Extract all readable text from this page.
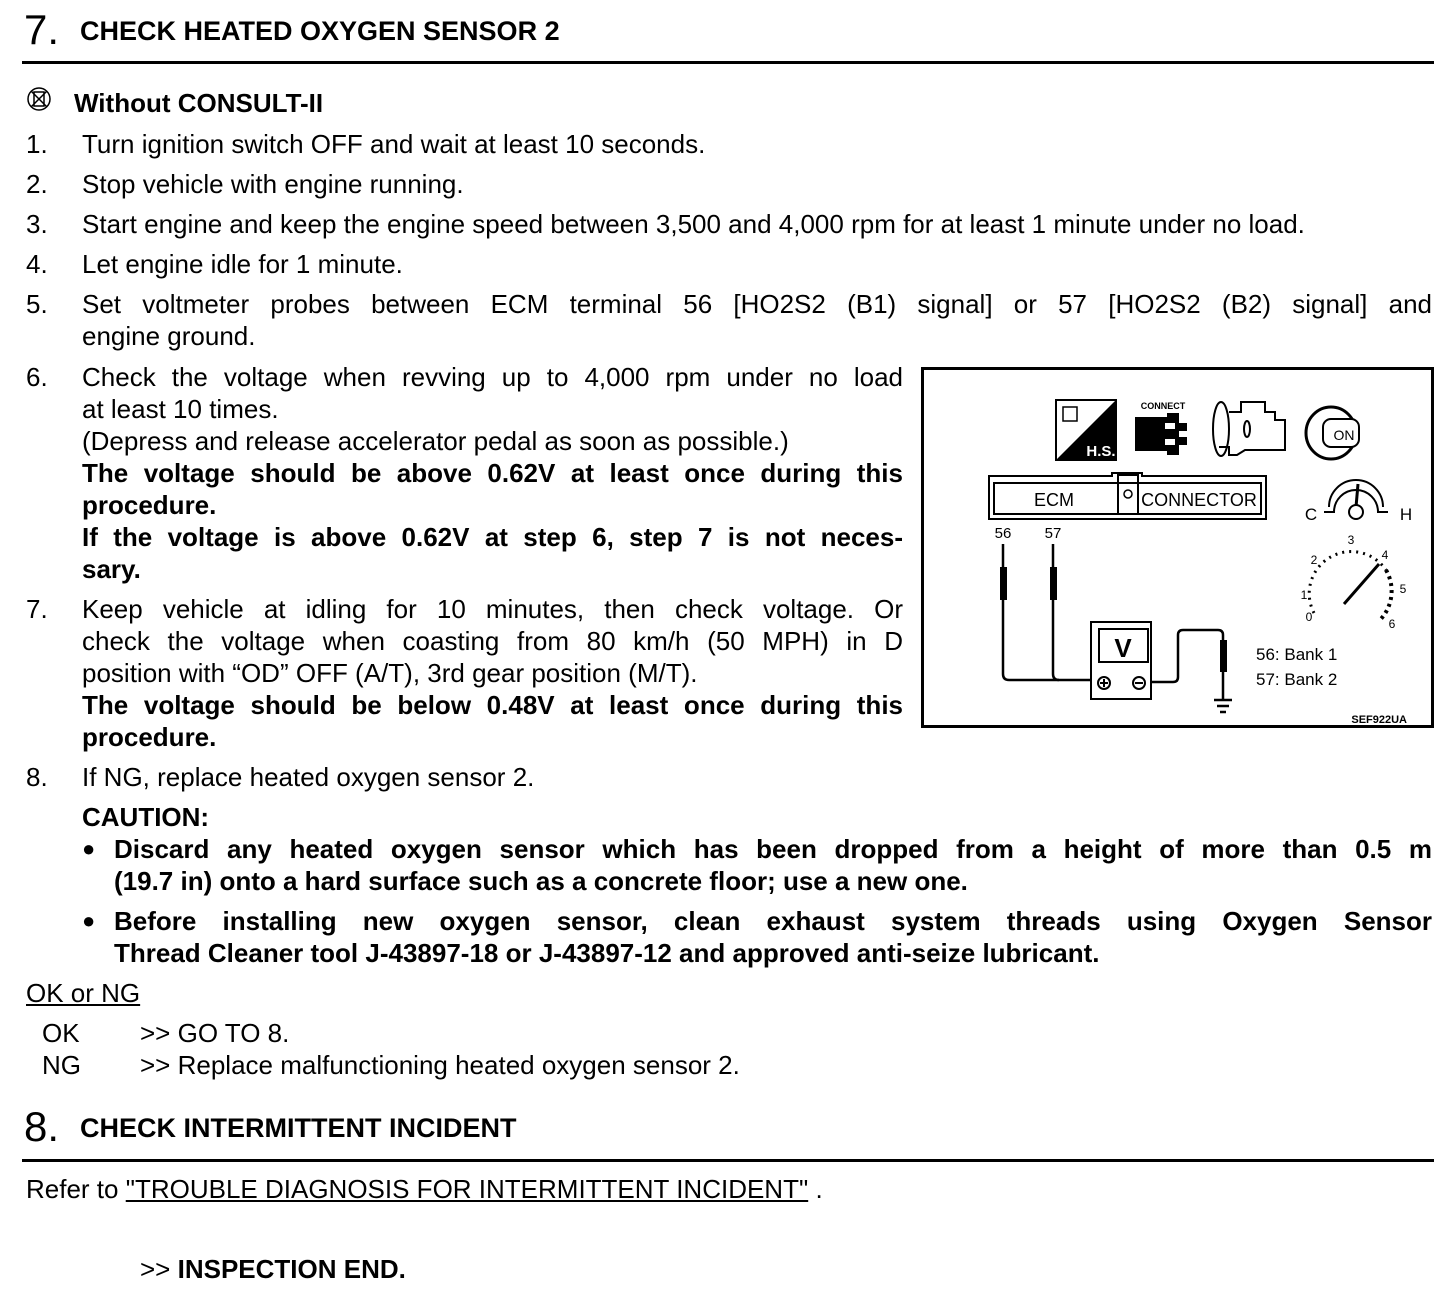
7. CHECK HEATED OXYGEN SENSOR 2
Without CONSULT-II
1. Turn ignition switch OFF and wait at least 10 seconds.
2. Stop vehicle with engine running.
3. Start engine and keep the engine speed between 3,500 and 4,000 rpm for at least 1 minute under no load.
4. Let engine idle for 1 minute.
5. Set voltmeter probes between ECM terminal 56 [HO2S2 (B1) signal] or 57 [HO2S2 (B2) signal] and
engine ground.
6. Check the voltage when revving up to 4,000 rpm under no load
at least 10 times.
(Depress and release accelerator pedal as soon as possible.)
The voltage should be above 0.62V at least once during this
procedure.
If the voltage is above 0.62V at step 6, step 7 is not neces-
sary.
7. Keep vehicle at idling for 10 minutes, then check voltage. Or
check the voltage when coasting from 80 km/h (50 MPH) in D
position with “OD” OFF (A/T), 3rd gear position (M/T).
The voltage should be below 0.48V at least once during this
procedure.
8. If NG, replace heated oxygen sensor 2.
CAUTION:
● Discard any heated oxygen sensor which has been dropped from a height of more than 0.5 m
(19.7 in) onto a hard surface such as a concrete floor; use a new one.
● Before installing new oxygen sensor, clean exhaust system threads using Oxygen Sensor
Thread Cleaner tool J-43897-18 or J-43897-12 and approved anti-seize lubricant.
OK or NG
OK >> GO TO 8.
NG >> Replace malfunctioning heated oxygen sensor 2.
8. CHECK INTERMITTENT INCIDENT
Refer to "TROUBLE DIAGNOSIS FOR INTERMITTENT INCIDENT" .
>> INSPECTION END.
H.S.
CONNECT
ON
ECM	CONNECTOR
C	H
0
1
2
3
4
5
6
56 57
V	56: Bank 1
57: Bank 2
SEF922UA
